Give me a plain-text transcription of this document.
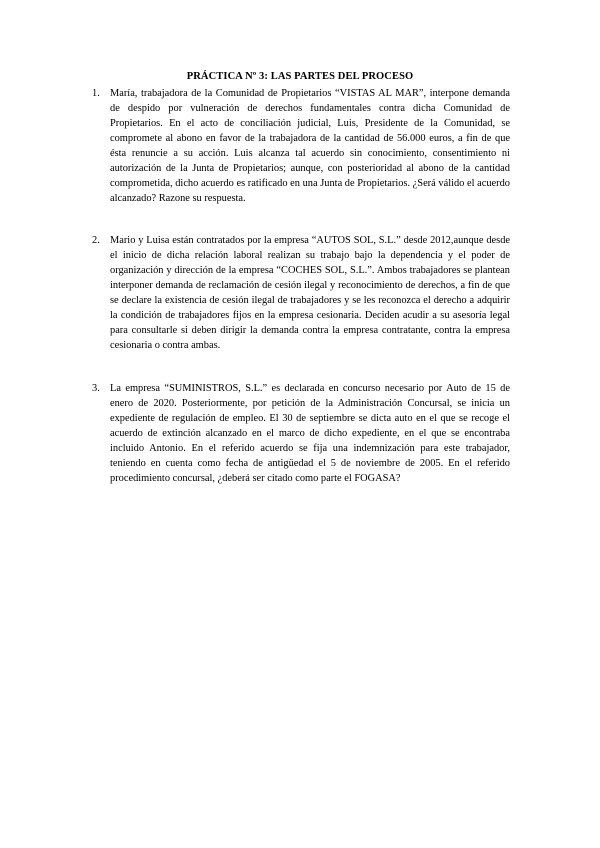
PRÁCTICA Nº 3: LAS PARTES DEL PROCESO
1. María, trabajadora de la Comunidad de Propietarios “VISTAS AL MAR”, interpone demanda de despido por vulneración de derechos fundamentales contra dicha Comunidad de Propietarios. En el acto de conciliación judicial, Luis, Presidente de la Comunidad, se compromete al abono en favor de la trabajadora de la cantidad de 56.000 euros, a fin de que ésta renuncie a su acción. Luis alcanza tal acuerdo sin conocimiento, consentimiento ni autorización de la Junta de Propietarios; aunque, con posterioridad al abono de la cantidad comprometida, dicho acuerdo es ratificado en una Junta de Propietarios. ¿Será válido el acuerdo alcanzado? Razone su respuesta.
2. Mario y Luisa están contratados por la empresa “AUTOS SOL, S.L.” desde 2012,aunque desde el inicio de dicha relación laboral realizan su trabajo bajo la dependencia y el poder de organización y dirección de la empresa “COCHES SOL, S.L.”. Ambos trabajadores se plantean interponer demanda de reclamación de cesión ilegal y reconocimiento de derechos, a fin de que se declare la existencia de cesión ilegal de trabajadores y se les reconozca el derecho a adquirir la condición de trabajadores fijos en la empresa cesionaria. Deciden acudir a su asesoría legal para consultarle si deben dirigir la demanda contra la empresa contratante, contra la empresa cesionaria o contra ambas.
3. La empresa “SUMINISTROS, S.L.” es declarada en concurso necesario por Auto de 15 de enero de 2020. Posteriormente, por petición de la Administración Concursal, se inicia un expediente de regulación de empleo. El 30 de septiembre se dicta auto en el que se recoge el acuerdo de extinción alcanzado en el marco de dicho expediente, en el que se encontraba incluido Antonio. En el referido acuerdo se fija una indemnización para este trabajador, teniendo en cuenta como fecha de antigüedad el 5 de noviembre de 2005. En el referido procedimiento concursal, ¿deberá ser citado como parte el FOGASA?
